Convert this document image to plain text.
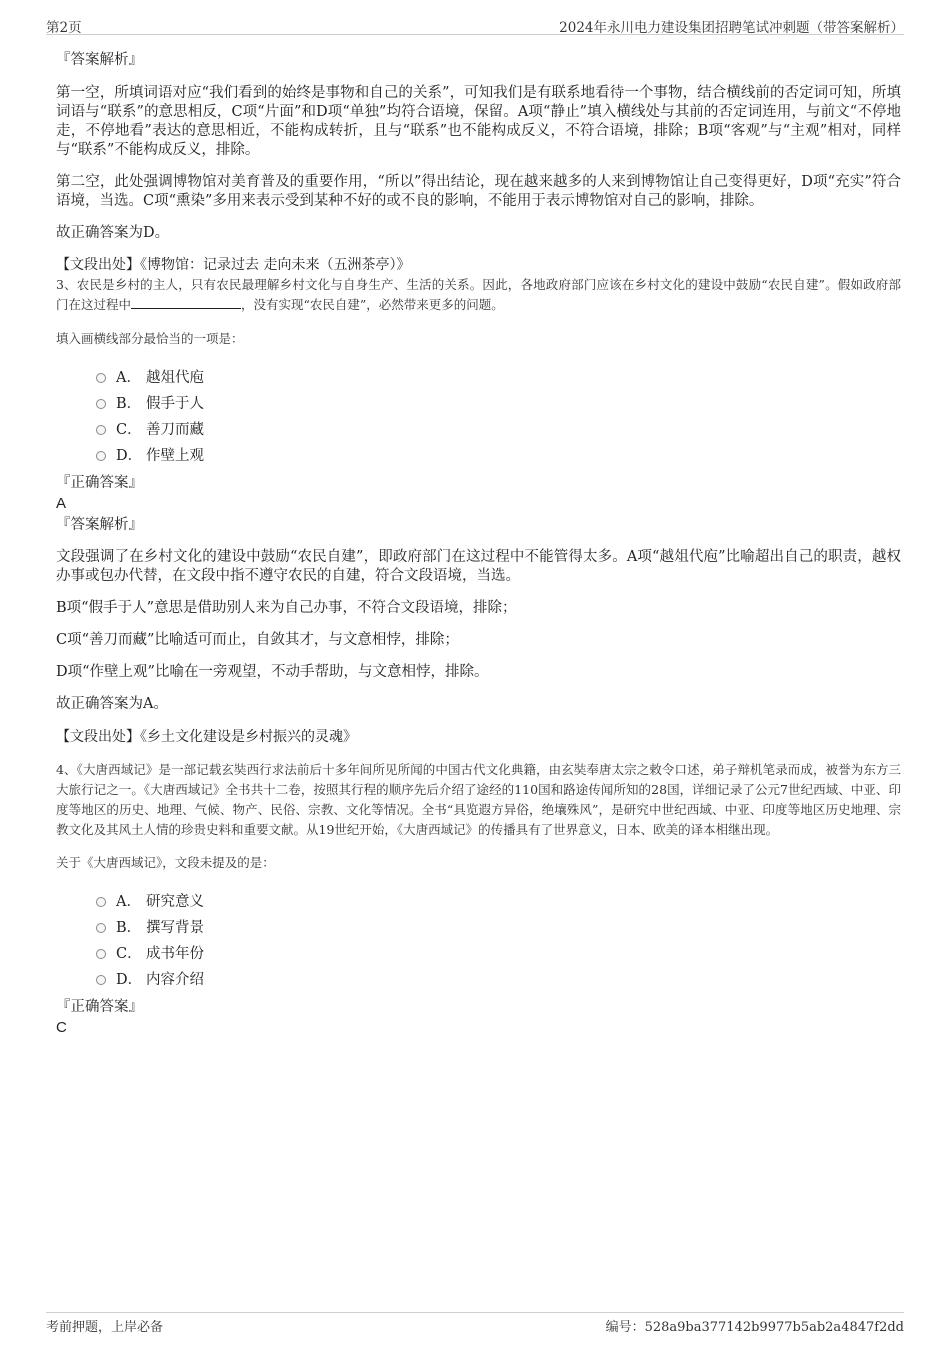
第2页	2024年永川电力建设集团招聘笔试冲刺题（带答案解析）

『答案解析』

第一空，所填词语对应“我们看到的始终是事物和自己的关系”，可知我们是有联系地看待一个事物，结合横线前的否定词可知，所填词语与“联系”的意思相反，C项“片面”和D项“单独”均符合语境，保留。A项“静止”填入横线处与其前的否定词连用，与前文“不停地走，不停地看”表达的意思相近，不能构成转折，且与“联系”也不能构成反义，不符合语境，排除；B项“客观”与“主观”相对，同样与“联系”不能构成反义，排除。

第二空，此处强调博物馆对美育普及的重要作用，“所以”得出结论，现在越来越多的人来到博物馆让自己变得更好，D项“充实”符合语境，当选。C项“熏染”多用来表示受到某种不好的或不良的影响，不能用于表示博物馆对自己的影响，排除。

故正确答案为D。

【文段出处】《博物馆：记录过去 走向未来（五洲茶亭）》

3、农民是乡村的主人，只有农民最理解乡村文化与自身生产、生活的关系。因此，各地政府部门应该在乡村文化的建设中鼓励“农民自建”。假如政府部门在这过程中	，没有实现“农民自建”，必然带来更多的问题。

填入画横线部分最恰当的一项是：

A． 越俎代庖
B． 假手于人
C． 善刀而藏
D． 作壁上观

『正确答案』

A

『答案解析』

文段强调了在乡村文化的建设中鼓励“农民自建”，即政府部门在这过程中不能管得太多。A项“越俎代庖”比喻超出自己的职责，越权办事或包办代替，在文段中指不遵守农民的自建，符合文段语境，当选。

B项“假手于人”意思是借助别人来为自己办事，不符合文段语境，排除；

C项“善刀而藏”比喻适可而止，自敛其才，与文意相悖，排除；

D项“作壁上观”比喻在一旁观望，不动手帮助，与文意相悖，排除。

故正确答案为A。

【文段出处】《乡土文化建设是乡村振兴的灵魂》

4、《大唐西域记》是一部记载玄奘西行求法前后十多年间所见所闻的中国古代文化典籍，由玄奘奉唐太宗之敕令口述，弟子辩机笔录而成，被誉为东方三大旅行记之一。《大唐西域记》全书共十二卷，按照其行程的顺序先后介绍了途经的110国和路途传闻所知的28国，详细记录了公元7世纪西域、中亚、印度等地区的历史、地理、气候、物产、民俗、宗教、文化等情况。全书“具览遐方异俗，绝壤殊风”，是研究中世纪西域、中亚、印度等地区历史地理、宗教文化及其风土人情的珍贵史料和重要文献。从19世纪开始，《大唐西域记》的传播具有了世界意义，日本、欧美的译本相继出现。

关于《大唐西域记》，文段未提及的是：

A． 研究意义
B． 撰写背景
C． 成书年份
D． 内容介绍

『正确答案』

C

考前押题，上岸必备	编号：528a9ba377142b9977b5ab2a4847f2dd
